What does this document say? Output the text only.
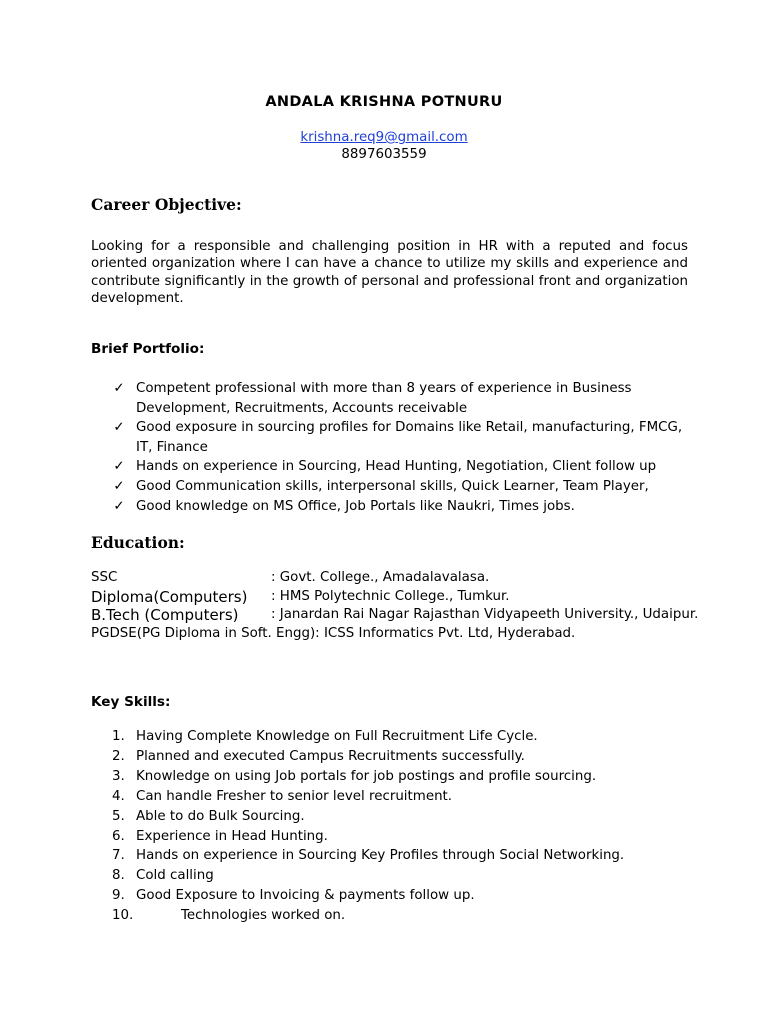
ANDALA KRISHNA POTNURU
krishna.req9@gmail.com
8897603559
Career Objective:
Looking for a responsible and challenging position in HR with a reputed and focus oriented organization where I can have a chance to utilize my skills and experience and contribute significantly in the growth of personal and professional front and organization development.
Brief Portfolio:
✓ Competent professional with more than 8 years of experience in Business Development, Recruitments, Accounts receivable
✓ Good exposure in sourcing profiles for Domains like Retail, manufacturing, FMCG, IT, Finance
✓ Hands on experience in Sourcing, Head Hunting, Negotiation, Client follow up
✓ Good Communication skills, interpersonal skills, Quick Learner, Team Player,
✓ Good knowledge on MS Office, Job Portals like Naukri, Times jobs.
Education:
SSC	: Govt. College., Amadalavalasa.
Diploma(Computers)	: HMS Polytechnic College., Tumkur.
B.Tech (Computers)	: Janardan Rai Nagar Rajasthan Vidyapeeth University., Udaipur.
PGDSE(PG Diploma in Soft. Engg): ICSS Informatics Pvt. Ltd, Hyderabad.
Key Skills:
1. Having Complete Knowledge on Full Recruitment Life Cycle.
2. Planned and executed Campus Recruitments successfully.
3. Knowledge on using Job portals for job postings and profile sourcing.
4. Can handle Fresher to senior level recruitment.
5. Able to do Bulk Sourcing.
6. Experience in Head Hunting.
7. Hands on experience in Sourcing Key Profiles through Social Networking.
8. Cold calling
9. Good Exposure to Invoicing & payments follow up.
10.	Technologies worked on.
